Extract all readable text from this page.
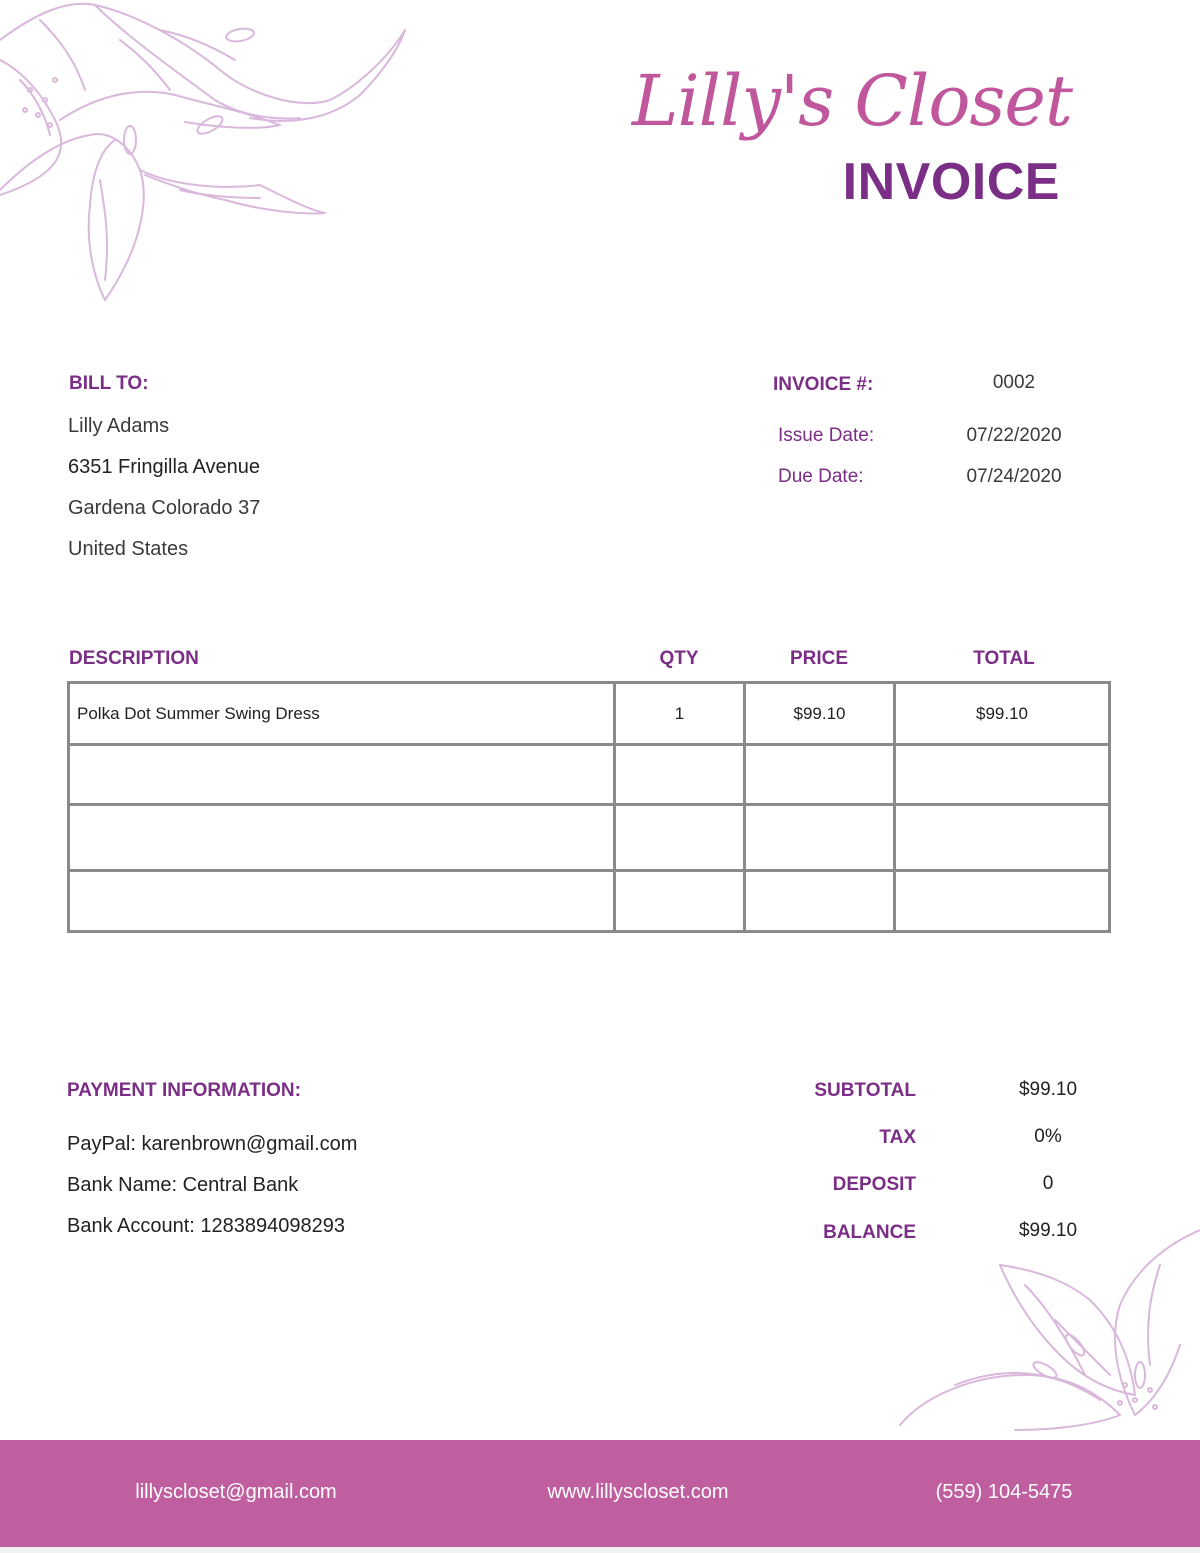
Lilly's Closet
INVOICE
BILL TO:
Lilly Adams
6351 Fringilla Avenue
Gardena Colorado 37
United States
INVOICE #:	0002
Issue Date:	07/22/2020
Due Date:	07/24/2020
DESCRIPTION	QTY	PRICE	TOTAL
Polka Dot Summer Swing Dress	1	$99.10	$99.10

PAYMENT INFORMATION:
PayPal: karenbrown@gmail.com
Bank Name: Central Bank
Bank Account: 1283894098293
SUBTOTAL	$99.10
TAX	0%
DEPOSIT	0
BALANCE	$99.10
lillyscloset@gmail.com	www.lillyscloset.com	(559) 104-5475
